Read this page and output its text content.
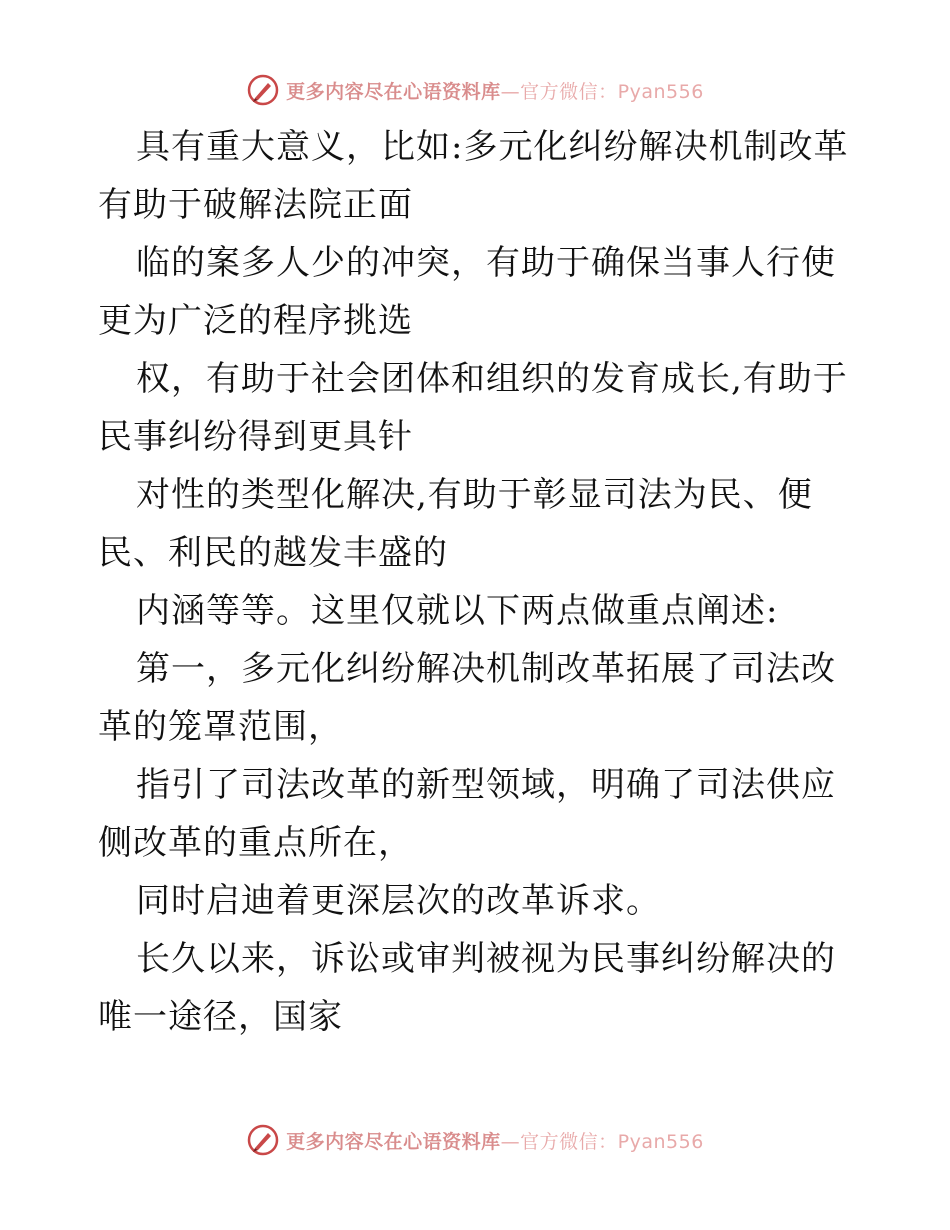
更多内容尽在心语资料库—官方微信：Pyan556

具有重大意义，比如:多元化纠纷解决机制改革有助于破解法院正面

临的案多人少的冲突，有助于确保当事人行使更为广泛的程序挑选

权，有助于社会团体和组织的发育成长,有助于民事纠纷得到更具针

对性的类型化解决,有助于彰显司法为民、便民、利民的越发丰盛的

内涵等等。这里仅就以下两点做重点阐述:

第一，多元化纠纷解决机制改革拓展了司法改革的笼罩范围，

指引了司法改革的新型领域，明确了司法供应侧改革的重点所在，

同时启迪着更深层次的改革诉求。

长久以来，诉讼或审判被视为民事纠纷解决的唯一途径，国家

更多内容尽在心语资料库—官方微信：Pyan556
